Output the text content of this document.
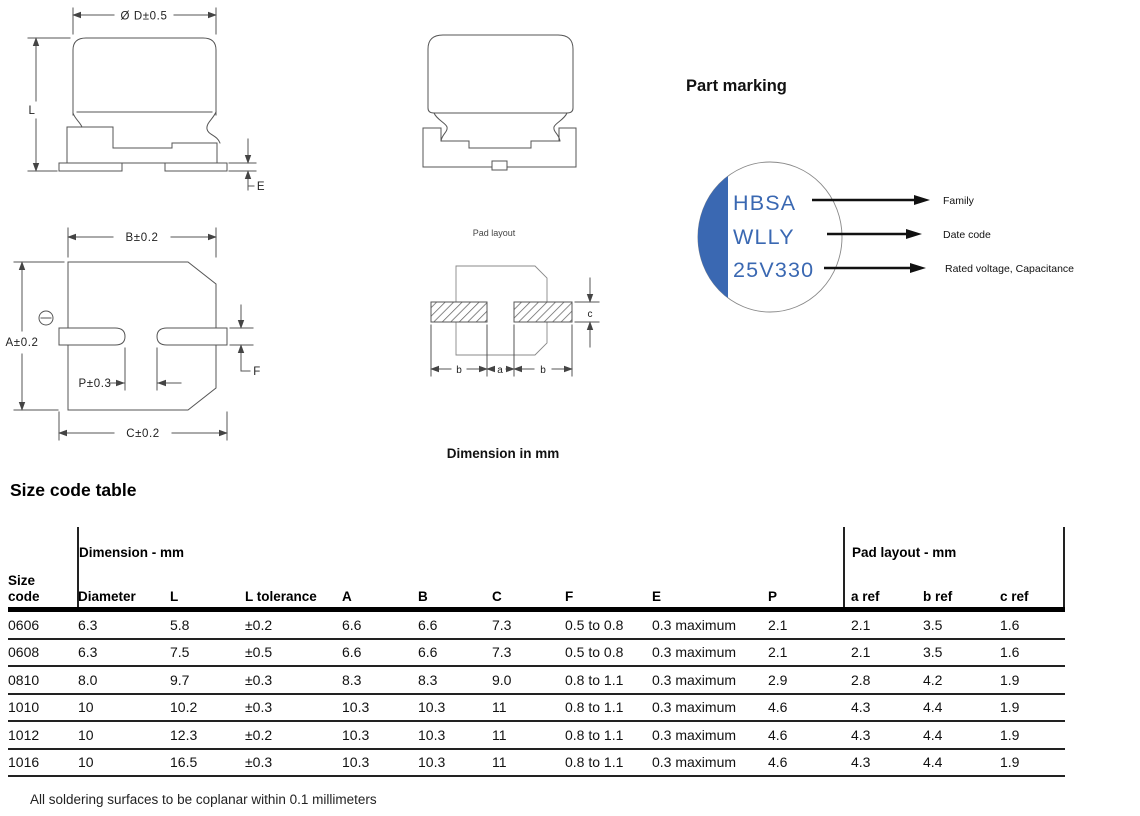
Ø D±0.5
L
E
B±0.2
A±0.2
P±0.3
F
C±0.2
Pad layout
c
b	a	b
Dimension in mm
Part marking
HBSA
WLLY
25V330
Family
Date code
Rated voltage, Capacitance
Size code table
Dimension - mm	Pad layout - mm
Size code	Diameter	L	L tolerance	A	B	C	F	E	P	a ref	b ref	c ref
0606	6.3	5.8	±0.2	6.6	6.6	7.3	0.5 to 0.8	0.3 maximum	2.1	2.1	3.5	1.6
0608	6.3	7.5	±0.5	6.6	6.6	7.3	0.5 to 0.8	0.3 maximum	2.1	2.1	3.5	1.6
0810	8.0	9.7	±0.3	8.3	8.3	9.0	0.8 to 1.1	0.3 maximum	2.9	2.8	4.2	1.9
1010	10	10.2	±0.3	10.3	10.3	11	0.8 to 1.1	0.3 maximum	4.6	4.3	4.4	1.9
1012	10	12.3	±0.2	10.3	10.3	11	0.8 to 1.1	0.3 maximum	4.6	4.3	4.4	1.9
1016	10	16.5	±0.3	10.3	10.3	11	0.8 to 1.1	0.3 maximum	4.6	4.3	4.4	1.9
All soldering surfaces to be coplanar within 0.1 millimeters
